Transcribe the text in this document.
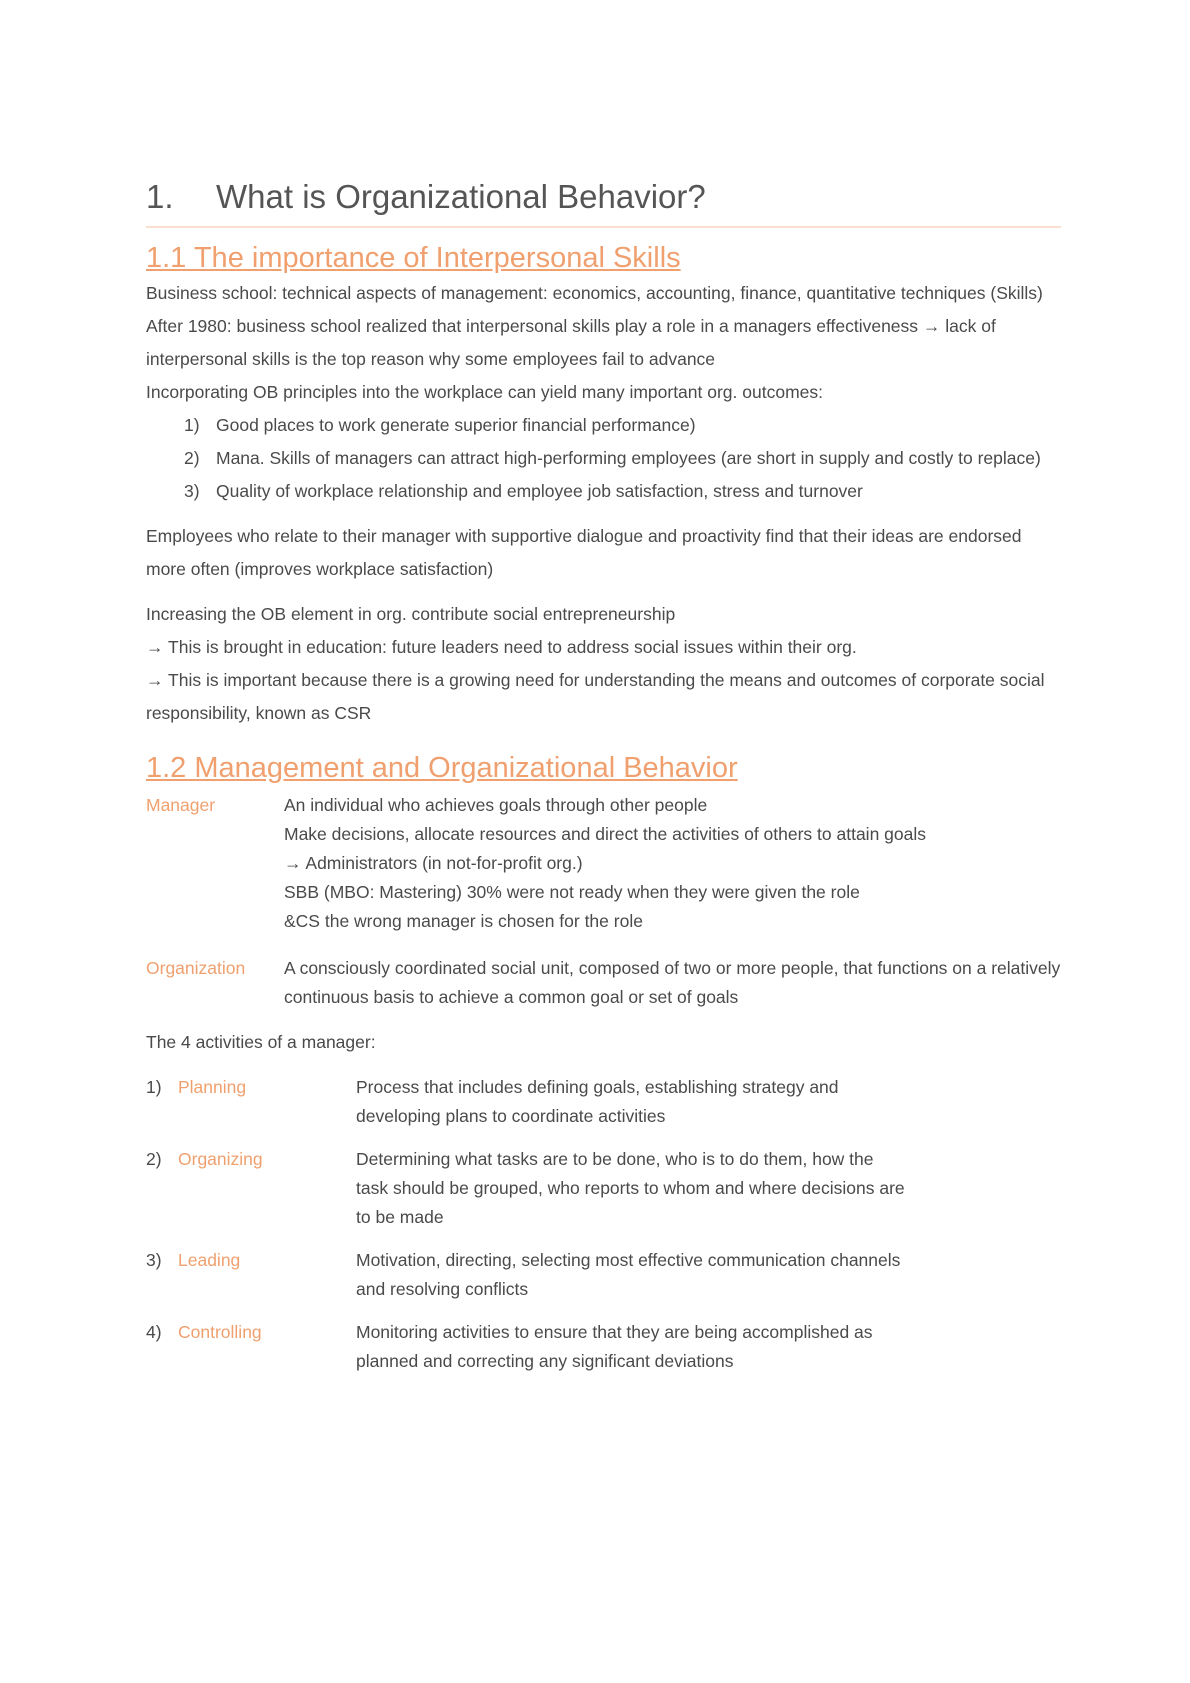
1.	What is Organizational Behavior?
1.1 The importance of Interpersonal Skills

Business school: technical aspects of management: economics, accounting, finance, quantitative techniques (Skills)

After 1980: business school realized that interpersonal skills play a role in a managers effectiveness → lack of interpersonal skills is the top reason why some employees fail to advance

Incorporating OB principles into the workplace can yield many important org. outcomes:

1) Good places to work generate superior financial performance)
2) Mana. Skills of managers can attract high-performing employees (are short in supply and costly to replace)
3) Quality of workplace relationship and employee job satisfaction, stress and turnover

Employees who relate to their manager with supportive dialogue and proactivity find that their ideas are endorsed more often (improves workplace satisfaction)

Increasing the OB element in org. contribute social entrepreneurship

→ This is brought in education: future leaders need to address social issues within their org.

→ This is important because there is a growing need for understanding the means and outcomes of corporate social responsibility, known as CSR

1.2 Management and Organizational Behavior
Manager	An individual who achieves goals through other people
Make decisions, allocate resources and direct the activities of others to attain goals
→ Administrators (in not-for-profit org.)
SBB (MBO: Mastering) 30% were not ready when they were given the role
&CS the wrong manager is chosen for the role
Organization	A consciously coordinated social unit, composed of two or more people, that functions on a relatively continuous basis to achieve a common goal or set of goals

The 4 activities of a manager:

1) Planning	Process that includes defining goals, establishing strategy and
developing plans to coordinate activities
2) Organizing	Determining what tasks are to be done, who is to do them, how the
task should be grouped, who reports to whom and where decisions are
to be made
3) Leading	Motivation, directing, selecting most effective communication channels
and resolving conflicts
4) Controlling	Monitoring activities to ensure that they are being accomplished as
planned and correcting any significant deviations
